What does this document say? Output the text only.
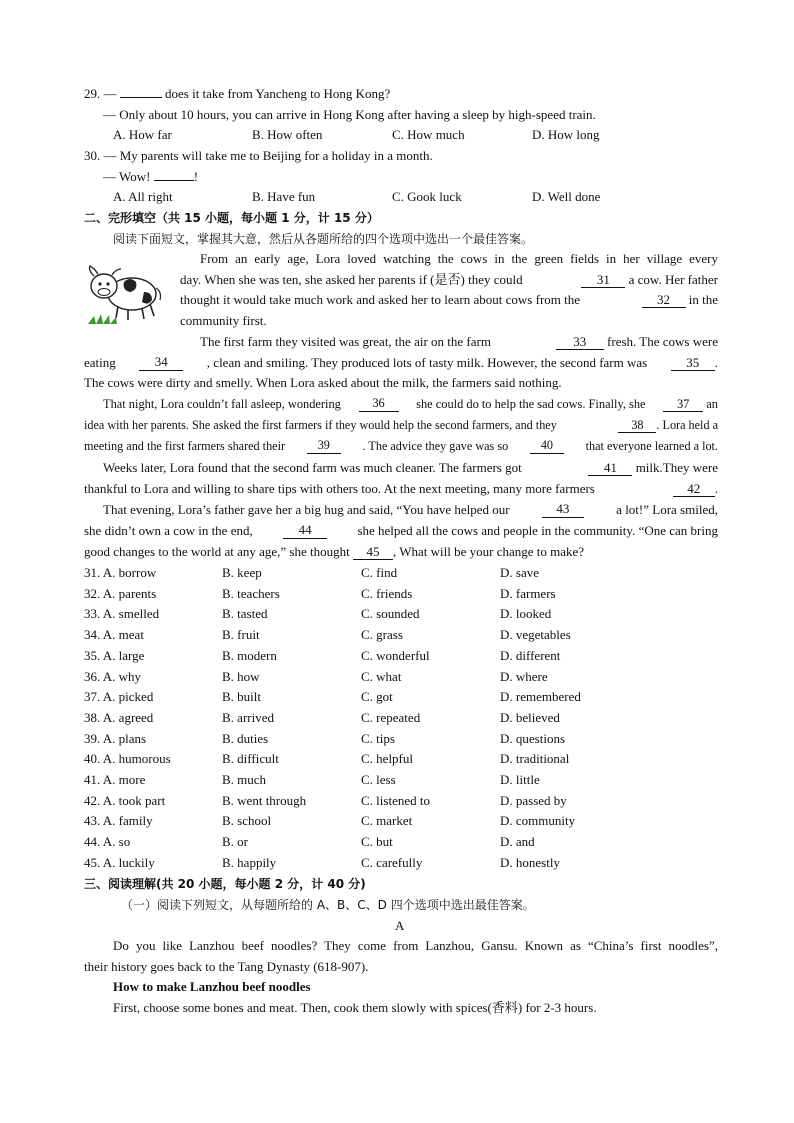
29. —	does it take from Yancheng to Hong Kong?
— Only about 10 hours, you can arrive in Hong Kong after having a sleep by high-speed train.
A. How far	B. How often	C. How much	D. How long
30. — My parents will take me to Beijing for a holiday in a month.
— Wow!	!
A. All right	B. Have fun	C. Gook luck	D. Well done
二、完形填空（共 15 小题，每小题 1 分，计 15 分）
阅读下面短文，掌握其大意，然后从各题所给的四个选项中选出一个最佳答案。
From an early age, Lora loved watching the cows in the green fields in her village every
day. When she was ten, she asked her parents if (是否) they could	31 a cow. Her father
thought it would take much work and asked her to learn about cows from the	32 in the
community first.
The first farm they visited was great, the air on the farm	33 fresh. The cows were
eating	34	, clean and smiling. They produced lots of tasty milk. However, the second farm was	35 .
The cows were dirty and smelly. When Lora asked about the milk, the farmers said nothing.
That night, Lora couldn’t fall asleep, wondering	36	she could do to help the sad cows. Finally, she	37 an
idea with her parents. She asked the first farmers if they would help the second farmers, and they	38 . Lora held a
meeting and the first farmers shared their	39	. The advice they gave was so	40	that everyone learned a lot.
Weeks later, Lora found that the second farm was much cleaner. The farmers got	41 milk.They were
thankful to Lora and willing to share tips with others too. At the next meeting, many more farmers	42 .
That evening, Lora’s father gave her a big hug and said, “You have helped our	43	a lot!” Lora smiled,
she didn’t own a cow in the end,	44	she helped all the cows and people in the community. “One can bring
good changes to the world at any age,” she thought 45 , What will be your change to make?
31. A. borrow	B. keep	C. find	D. save
32. A. parents	B. teachers	C. friends	D. farmers
33. A. smelled	B. tasted	C. sounded	D. looked
34. A. meat	B. fruit	C. grass	D. vegetables
35. A. large	B. modern	C. wonderful	D. different
36. A. why	B. how	C. what	D. where
37. A. picked	B. built	C. got	D. remembered
38. A. agreed	B. arrived	C. repeated	D. believed
39. A. plans	B. duties	C. tips	D. questions
40. A. humorous	B. difficult	C. helpful	D. traditional
41. A. more	B. much	C. less	D. little
42. A. took part	B. went through	C. listened to	D. passed by
43. A. family	B. school	C. market	D. community
44. A. so	B. or	C. but	D. and
45. A. luckily	B. happily	C. carefully	D. honestly
三、阅读理解(共 20 小题，每小题 2 分，计 40 分)
（一）阅读下列短文，从每题所给的 A、B、C、D 四个选项中选出最佳答案。
A
Do you like Lanzhou beef noodles? They come from Lanzhou, Gansu. Known as “China’s first noodles”,
their history goes back to the Tang Dynasty (618-907).
How to make Lanzhou beef noodles
First, choose some bones and meat. Then, cook them slowly with spices(香料) for 2-3 hours.
